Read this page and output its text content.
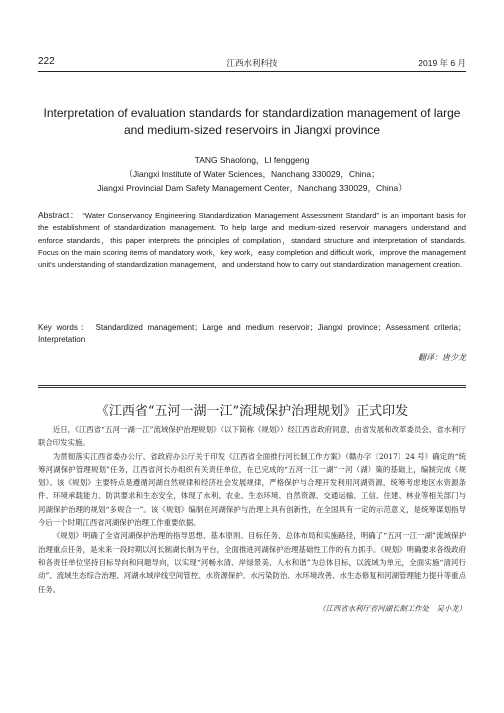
222	江西水利科技	2019 年 6 月
Interpretation of evaluation standards for standardization management of large and medium-sized reservoirs in Jiangxi province
TANG Shaolong，LI fenggeng
（Jiangxi Institute of Water Sciences，Nanchang 330029，China；
Jiangxi Provincial Dam Safety Management Center，Nanchang 330029，China）
Abstract： “Water Conservancy Engineering Standardization Management Assessment Standard” is an important basis for the establishment of standardization management. To help large and medium-sized reservoir managers understand and enforce standards，this paper interprets the principles of compilation，standard structure and interpretation of standards. Focus on the main scoring items of mandatory work，key work，easy completion and difficult work，improve the management unit's understanding of standardization management，and understand how to carry out standardization management creation.
Key words： Standardized management；Large and medium reservoir；Jiangxi province；Assessment criteria；Interpretation
翻译：唐少龙
《江西省“五河一湖一江”流域保护治理规划》正式印发

近日，《江西省“五河一湖一江”流域保护治理规划》（以下简称《规划》）经江西省政府同意，由省发展和改革委员会、省水利厅联合印发实施。

为贯彻落实江西省委办公厅、省政府办公厅关于印发《江西省全面推行河长制工作方案》（赣办字〔2017〕24 号）确定的“统筹河湖保护管理规划”任务，江西省河长办组织有关责任单位，在已完成的“五河一江一湖”一河（湖）策的基础上，编制完成《规划》。该《规划》主要特点是遵循河湖自然规律和经济社会发展规律，严格保护与合理开发利用河湖资源，统筹考虑地区水资源条件、环境承载能力、防洪要求和生态安全，体现了水利、农业、生态环境、自然资源、交通运输、工信、住建、林业等相关部门与河湖保护治理的规划“多规合一”。该《规划》编制在河湖保护与治理上具有创新性，在全国具有一定的示范意义，是统筹谋划指导今后一个时期江西省河湖保护治理工作重要依据。

《规划》明确了全省河湖保护治理的指导思想、基本原则、目标任务、总体布局和实施路径，明确了“五河一江一湖”流域保护治理重点任务，是未来一段时期以河长制湖长制为平台，全面推进河湖保护治理基础性工作的有力抓手。《规划》明确要求各级政府和各责任单位坚持目标导向和问题导向，以实现“河畅水清、岸绿景美、人水和谐”为总体目标，以流域为单元，全面实施“清河行动”、流域生态综合治理、河湖水域岸线空间管控、水资源保护、水污染防治、水环境改善、水生态修复和河湖管理能力提升等重点任务。

（江西省水利厅省河湖长制工作处　吴小龙）
